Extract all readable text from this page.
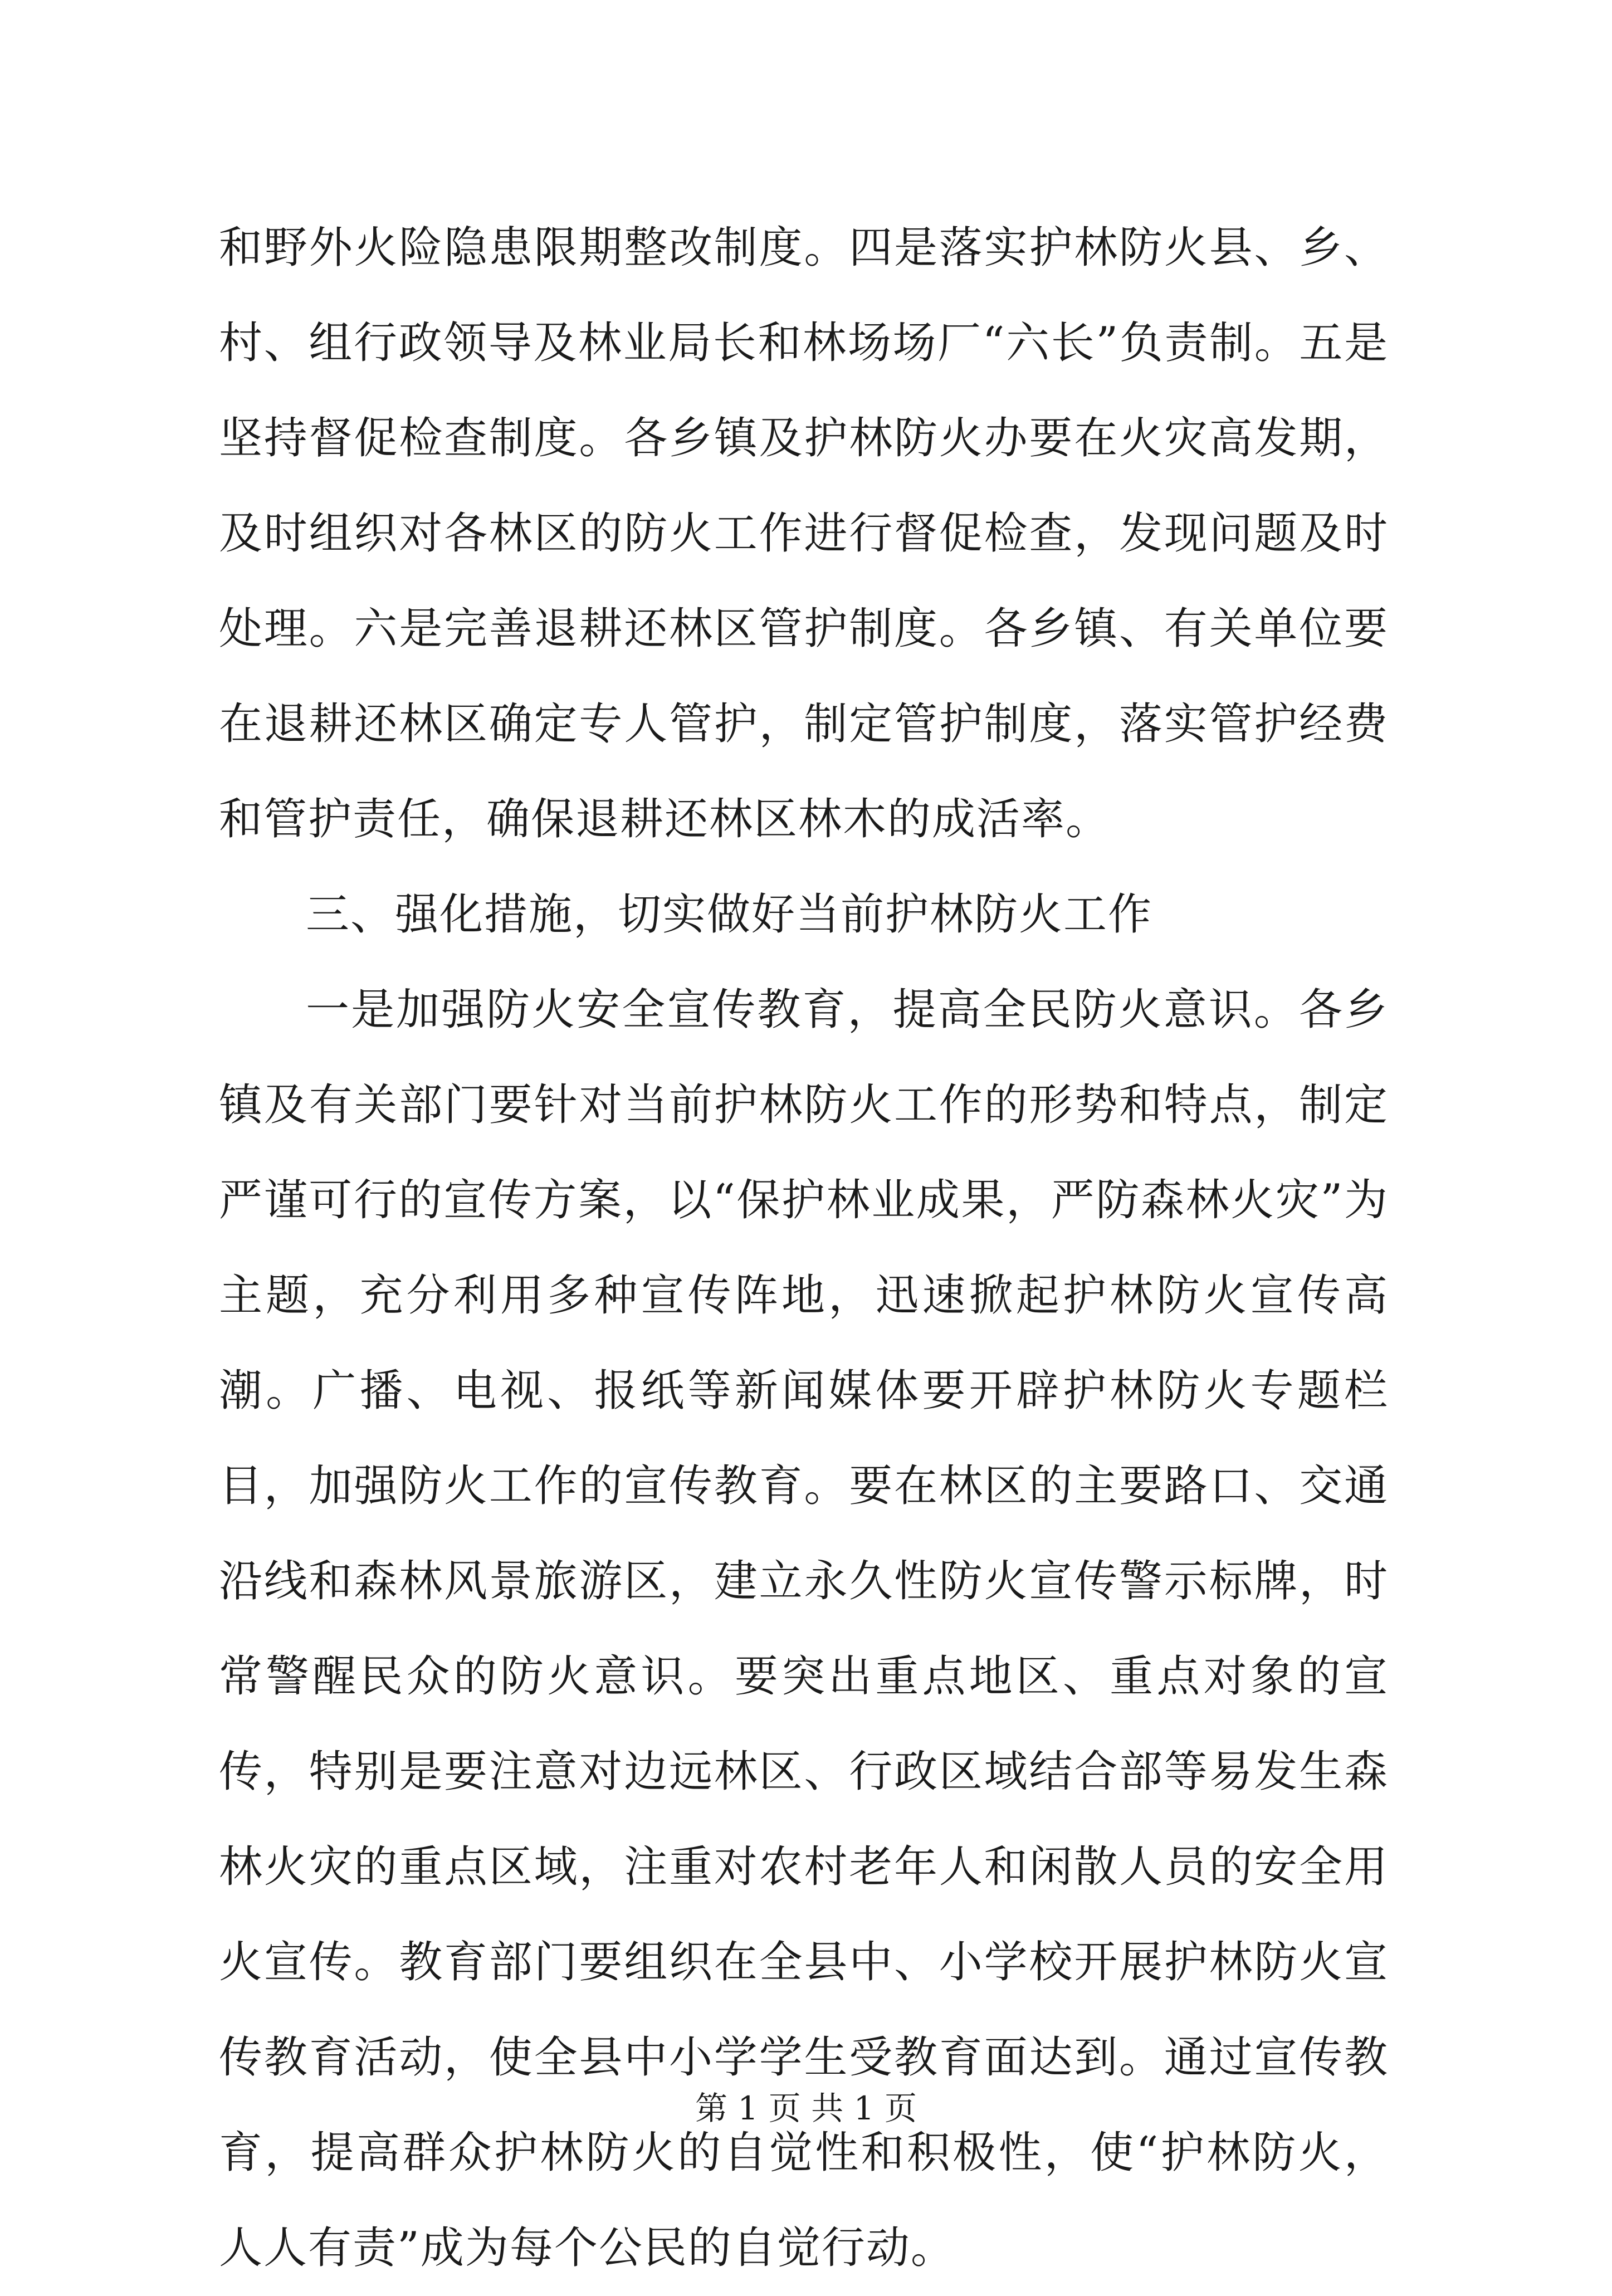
和野外火险隐患限期整改制度。四是落实护林防火县、乡、村、组行政领导及林业局长和林场场厂“六长”负责制。五是坚持督促检查制度。各乡镇及护林防火办要在火灾高发期，及时组织对各林区的防火工作进行督促检查，发现问题及时处理。六是完善退耕还林区管护制度。各乡镇、有关单位要在退耕还林区确定专人管护，制定管护制度，落实管护经费和管护责任，确保退耕还林区林木的成活率。

三、强化措施，切实做好当前护林防火工作

一是加强防火安全宣传教育，提高全民防火意识。各乡镇及有关部门要针对当前护林防火工作的形势和特点，制定严谨可行的宣传方案，以“保护林业成果，严防森林火灾”为主题，充分利用多种宣传阵地，迅速掀起护林防火宣传高潮。广播、电视、报纸等新闻媒体要开辟护林防火专题栏目，加强防火工作的宣传教育。要在林区的主要路口、交通沿线和森林风景旅游区，建立永久性防火宣传警示标牌，时常警醒民众的防火意识。要突出重点地区、重点对象的宣传，特别是要注意对边远林区、行政区域结合部等易发生森林火灾的重点区域，注重对农村老年人和闲散人员的安全用火宣传。教育部门要组织在全县中、小学校开展护林防火宣传教育活动，使全县中小学学生受教育面达到。通过宣传教育，提高群众护林防火的自觉性和积极性，使“护林防火，人人有责”成为每个公民的自觉行动。

第 1 页 共 1 页
